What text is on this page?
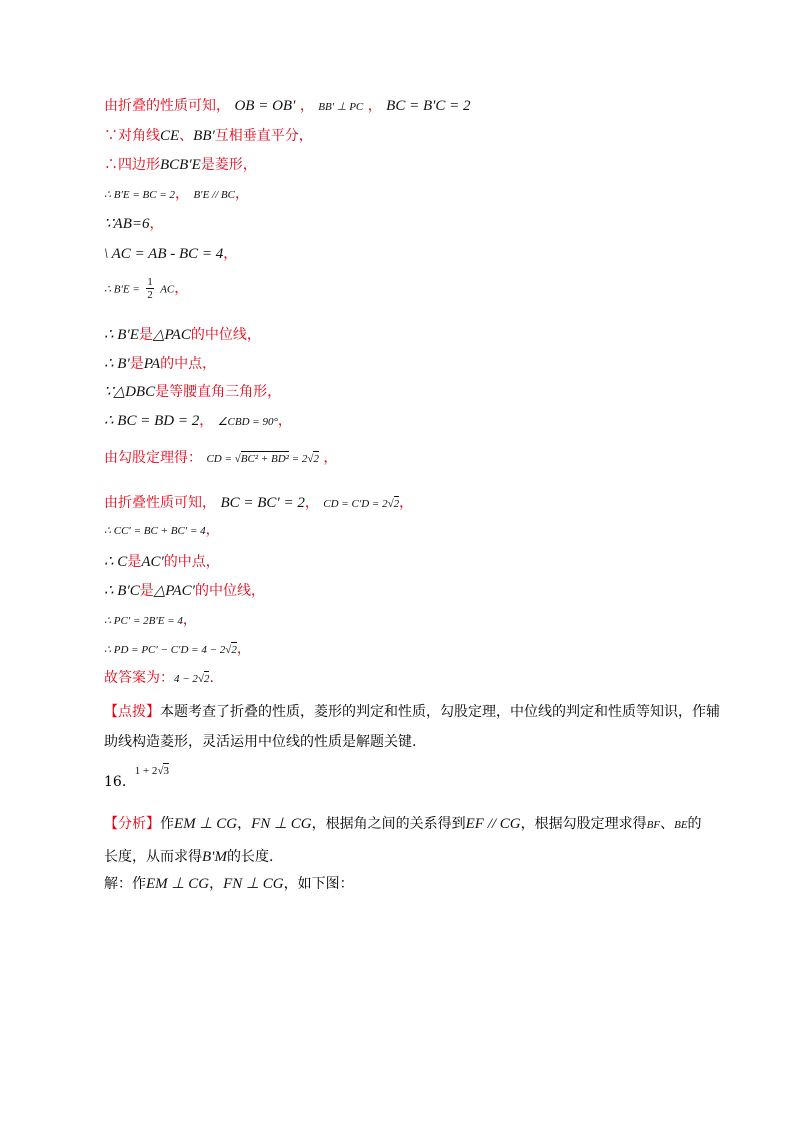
由折叠的性质可知， OB = OB′ ， BB′ ⊥ PC ， BC = B′C = 2
∵对角线CE、BB′互相垂直平分，
∴四边形BCB′E是菱形，
∴ B′E = BC = 2， B′E // BC，
∵AB=6，
\ AC = AB - BC = 4，
∴ $B'E = \frac{1}{2}$ AC，
∴ B′E是△PAC的中位线，
∴ B′是PA的中点，
∵△DBC是等腰直角三角形，
∴ BC = BD = 2， ∠CBD = 90°，
由勾股定理得： CD = √BC² + BD² = 2√2 ，
由折叠性质可知， BC = BC′ = 2， CD = C′D = 2√2，
∴ CC′ = BC + BC′ = 4，
∴ C是AC′的中点，
∴ B′C是△PAC′的中位线，
∴ PC′ = 2B′E = 4，
∴ PD = PC′ − C′D = 4 − 2√2，
故答案为：4 − 2√2．
【点拨】本题考查了折叠的性质，菱形的判定和性质，勾股定理，中位线的判定和性质等知识，作辅
助线构造菱形，灵活运用中位线的性质是解题关键.
16. 1 + 2√3
【分析】作EM ⊥ CG，FN ⊥ CG，根据角之间的关系得到EF // CG，根据勾股定理求得BF、BE的
长度，从而求得B′M的长度.
解：作EM ⊥ CG，FN ⊥ CG，如下图：
